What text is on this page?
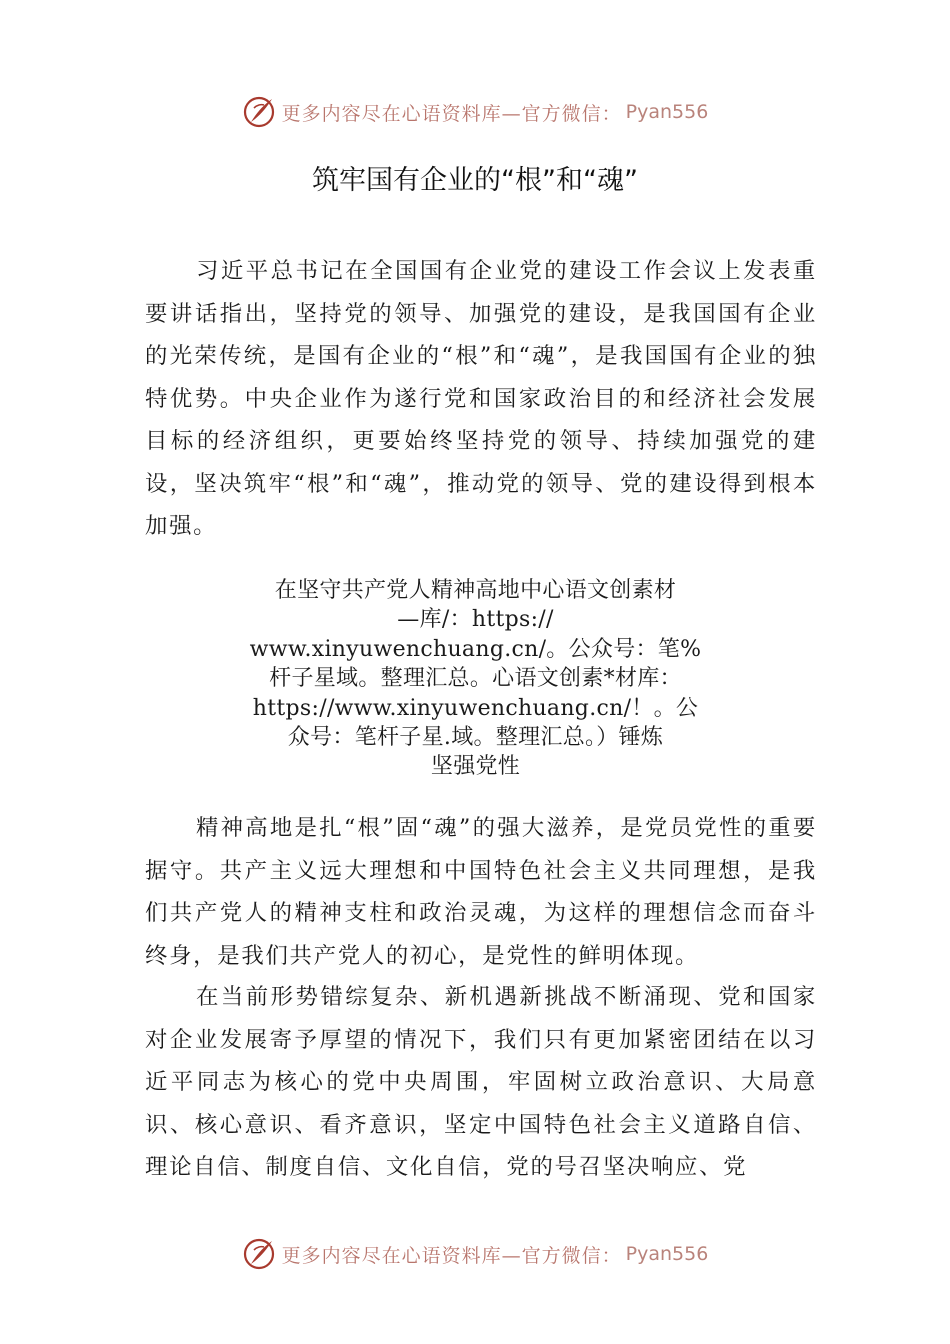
更多内容尽在心语资料库—官方微信： Pyan556
筑牢国有企业的“根”和“魂”

习近平总书记在全国国有企业党的建设工作会议上发表重要讲话指出，坚持党的领导、加强党的建设，是我国国有企业的光荣传统，是国有企业的“根”和“魂”，是我国国有企业的独特优势。中央企业作为遂行党和国家政治目的和经济社会发展目标的经济组织，更要始终坚持党的领导、持续加强党的建设，坚决筑牢“根”和“魂”，推动党的领导、党的建设得到根本加强。

在坚守共产党人精神高地中心语文创素材
—库/：https://
www.xinyuwenchuang.cn/。公众号：笔%
杆子星域。整理汇总。心语文创素*材库：
https://www.xinyuwenchuang.cn/！。公
众号：笔杆子星.域。整理汇总。）锤炼
坚强党性

精神高地是扎“根”固“魂”的强大滋养，是党员党性的重要据守。共产主义远大理想和中国特色社会主义共同理想，是我们共产党人的精神支柱和政治灵魂，为这样的理想信念而奋斗终身，是我们共产党人的初心，是党性的鲜明体现。

在当前形势错综复杂、新机遇新挑战不断涌现、党和国家对企业发展寄予厚望的情况下，我们只有更加紧密团结在以习近平同志为核心的党中央周围，牢固树立政治意识、大局意识、核心意识、看齐意识，坚定中国特色社会主义道路自信、理论自信、制度自信、文化自信，党的号召坚决响应、党

更多内容尽在心语资料库—官方微信： Pyan556
